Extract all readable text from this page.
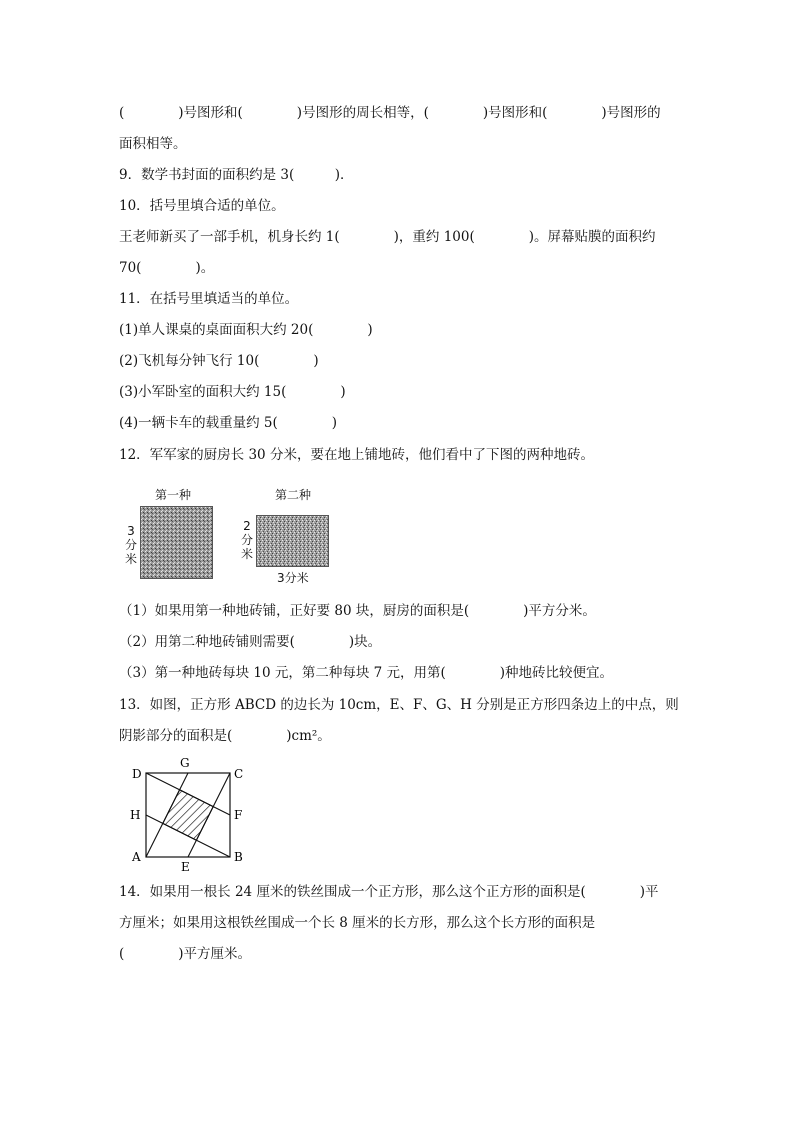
(　　　　)号图形和(　　　　)号图形的周长相等，(　　　　)号图形和(　　　　)号图形的
面积相等。
9．数学书封面的面积约是 3(　　　)．
10．括号里填合适的单位。
王老师新买了一部手机，机身长约 1(　　　　)，重约 100(　　　　)。屏幕贴膜的面积约
70(　　　　)。
11．在括号里填适当的单位。
(1)单人课桌的桌面面积大约 20(　　　　)
(2)飞机每分钟飞行 10(　　　　)
(3)小军卧室的面积大约 15(　　　　)
(4)一辆卡车的载重量约 5(　　　　)
12．军军家的厨房长 30 分米，要在地上铺地砖，他们看中了下图的两种地砖。
第一种	第二种
3
分
米
2
分
米
3分米
（1）如果用第一种地砖铺，正好要 80 块，厨房的面积是(　　　　)平方分米。
（2）用第二种地砖铺则需要(　　　　)块。
（3）第一种地砖每块 10 元，第二种每块 7 元，用第(　　　　)种地砖比较便宜。
13．如图，正方形 ABCD 的边长为 10cm，E、F、G、H 分别是正方形四条边上的中点，则
阴影部分的面积是(　　　　)cm²。
D	C
A	B
G
F
E
H
14．如果用一根长 24 厘米的铁丝围成一个正方形，那么这个正方形的面积是(　　　　)平
方厘米；如果用这根铁丝围成一个长 8 厘米的长方形，那么这个长方形的面积是
(　　　　)平方厘米。
